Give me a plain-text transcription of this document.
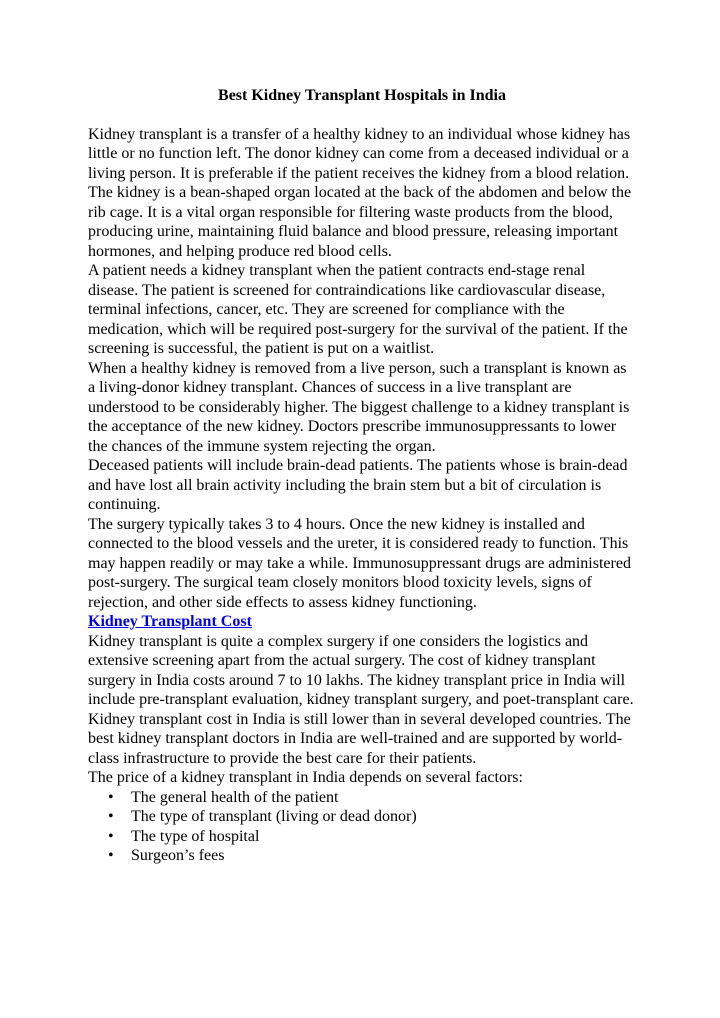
Best Kidney Transplant Hospitals in India

Kidney transplant is a transfer of a healthy kidney to an individual whose kidney has little or no function left. The donor kidney can come from a deceased individual or a living person. It is preferable if the patient receives the kidney from a blood relation.

The kidney is a bean-shaped organ located at the back of the abdomen and below the rib cage. It is a vital organ responsible for filtering waste products from the blood, producing urine, maintaining fluid balance and blood pressure, releasing important hormones, and helping produce red blood cells.

A patient needs a kidney transplant when the patient contracts end-stage renal disease. The patient is screened for contraindications like cardiovascular disease, terminal infections, cancer, etc. They are screened for compliance with the medication, which will be required post-surgery for the survival of the patient. If the screening is successful, the patient is put on a waitlist.

When a healthy kidney is removed from a live person, such a transplant is known as a living-donor kidney transplant. Chances of success in a live transplant are understood to be considerably higher. The biggest challenge to a kidney transplant is the acceptance of the new kidney. Doctors prescribe immunosuppressants to lower the chances of the immune system rejecting the organ.

Deceased patients will include brain-dead patients. The patients whose is brain-dead and have lost all brain activity including the brain stem but a bit of circulation is continuing.

The surgery typically takes 3 to 4 hours. Once the new kidney is installed and connected to the blood vessels and the ureter, it is considered ready to function. This may happen readily or may take a while. Immunosuppressant drugs are administered post-surgery. The surgical team closely monitors blood toxicity levels, signs of rejection, and other side effects to assess kidney functioning.

Kidney Transplant Cost

Kidney transplant is quite a complex surgery if one considers the logistics and extensive screening apart from the actual surgery. The cost of kidney transplant surgery in India costs around 7 to 10 lakhs. The kidney transplant price in India will include pre-transplant evaluation, kidney transplant surgery, and poet-transplant care.

Kidney transplant cost in India is still lower than in several developed countries. The best kidney transplant doctors in India are well-trained and are supported by world-class infrastructure to provide the best care for their patients.

The price of a kidney transplant in India depends on several factors:

• The general health of the patient
• The type of transplant (living or dead donor)
• The type of hospital
• Surgeon’s fees
